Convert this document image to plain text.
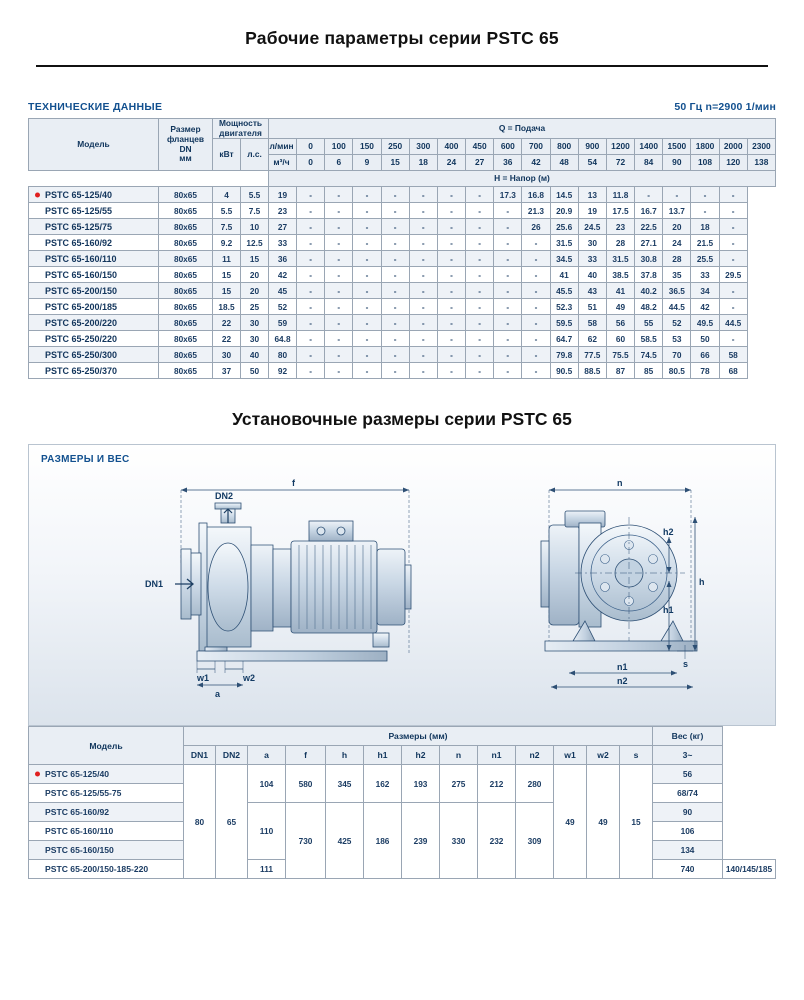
Рабочие параметры серии PSTC 65
ТЕХНИЧЕСКИЕ ДАННЫЕ	50 Гц n=2900 1/мин
Модель	Размер
фланцев
DN
мм	Мощность
двигателя		Q = Подача																	
		кВт	л.с.	л/мин	0	100	150	250	300	400	450	600	700	800	900	1200	1400	1500	1800	2000	2300
				м³/ч	0	6	9	15	18	24	27	36	42	48	54	72	84	90	108	120	138
				H = Напор (м)																	

PSTC 65-125/40	80x65	4	5.5	19	-	-	-	-	-	-	-	17.3	16.8	14.5	13	11.8	-	-	-	-	
PSTC 65-125/55	80x65	5.5	7.5	23	-	-	-	-	-	-	-	-	21.3	20.9	19	17.5	16.7	13.7	-	-	
PSTC 65-125/75	80x65	7.5	10	27	-	-	-	-	-	-	-	-	26	25.6	24.5	23	22.5	20	18	-	
PSTC 65-160/92	80x65	9.2	12.5	33	-	-	-	-	-	-	-	-	-	31.5	30	28	27.1	24	21.5	-	
PSTC 65-160/110	80x65	11	15	36	-	-	-	-	-	-	-	-	-	34.5	33	31.5	30.8	28	25.5	-	
PSTC 65-160/150	80x65	15	20	42	-	-	-	-	-	-	-	-	-	41	40	38.5	37.8	35	33	29.5	
PSTC 65-200/150	80x65	15	20	45	-	-	-	-	-	-	-	-	-	45.5	43	41	40.2	36.5	34	-	
PSTC 65-200/185	80x65	18.5	25	52	-	-	-	-	-	-	-	-	-	52.3	51	49	48.2	44.5	42	-	
PSTC 65-200/220	80x65	22	30	59	-	-	-	-	-	-	-	-	-	59.5	58	56	55	52	49.5	44.5	
PSTC 65-250/220	80x65	22	30	64.8	-	-	-	-	-	-	-	-	-	64.7	62	60	58.5	53	50	-	
PSTC 65-250/300	80x65	30	40	80	-	-	-	-	-	-	-	-	-	79.8	77.5	75.5	74.5	70	66	58	
PSTC 65-250/370	80x65	37	50	92	-	-	-	-	-	-	-	-	-	90.5	88.5	87	85	80.5	78	68	
Установочные размеры серии PSTC 65
РАЗМЕРЫ И ВЕС
f	n
DN2
DN1
w1	w2
a
h2
h
h1
n1
n2
s
Модель	Размеры (мм)													Вес (кг)	
	DN1	DN2	a	f	h	h1	h2	n	n1	n2	w1	w2	s	3~	

PSTC 65-125/40	80	65	104	580	345	162	193	275	212	280	49	49	15	56	
PSTC 65-125/55-75														68/74	
PSTC 65-160/92			110	730	425	186	239	330	232	309				90	
PSTC 65-160/110														106	
PSTC 65-160/150														134	
PSTC 65-200/150-185-220			111											740	140/145/185
